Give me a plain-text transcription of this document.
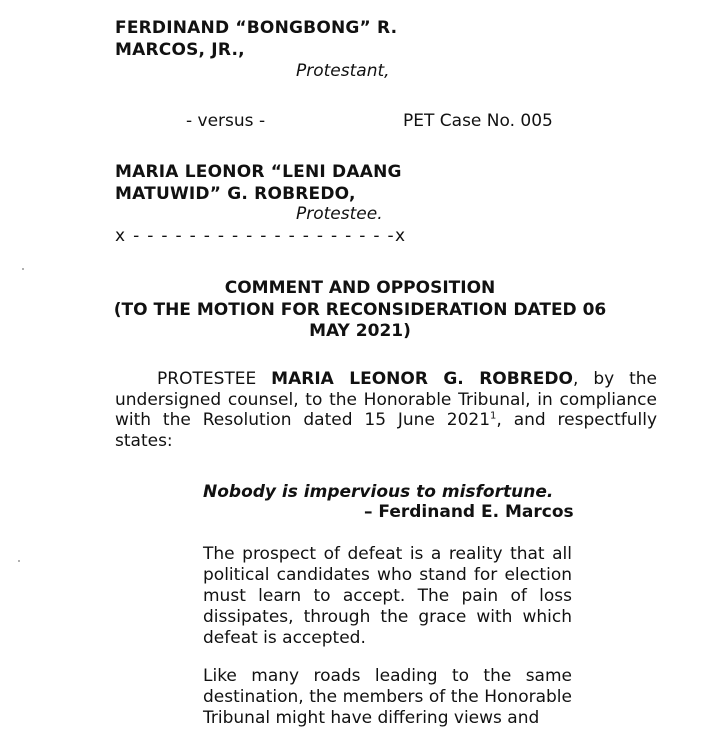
FERDINAND “BONGBONG” R.
MARCOS, JR.,
Protestant,
- versus -	PET Case No. 005
MARIA LEONOR “LENI DAANG
MATUWID” G. ROBREDO,
Protestee.
x - - - - - - - - - - - - - - - - - - -x
COMMENT AND OPPOSITION
(TO THE MOTION FOR RECONSIDERATION DATED 06
MAY 2021)
PROTESTEE MARIA LEONOR G. ROBREDO, by the undersigned counsel, to the Honorable Tribunal, in compliance with the Resolution dated 15 June 2021$^1$, and respectfully states:
Nobody is impervious to misfortune.
– Ferdinand E. Marcos

The prospect of defeat is a reality that all political candidates who stand for election must learn to accept. The pain of loss dissipates, through the grace with which defeat is accepted.

Like many roads leading to the same destination, the members of the Honorable Tribunal might have differing views and
